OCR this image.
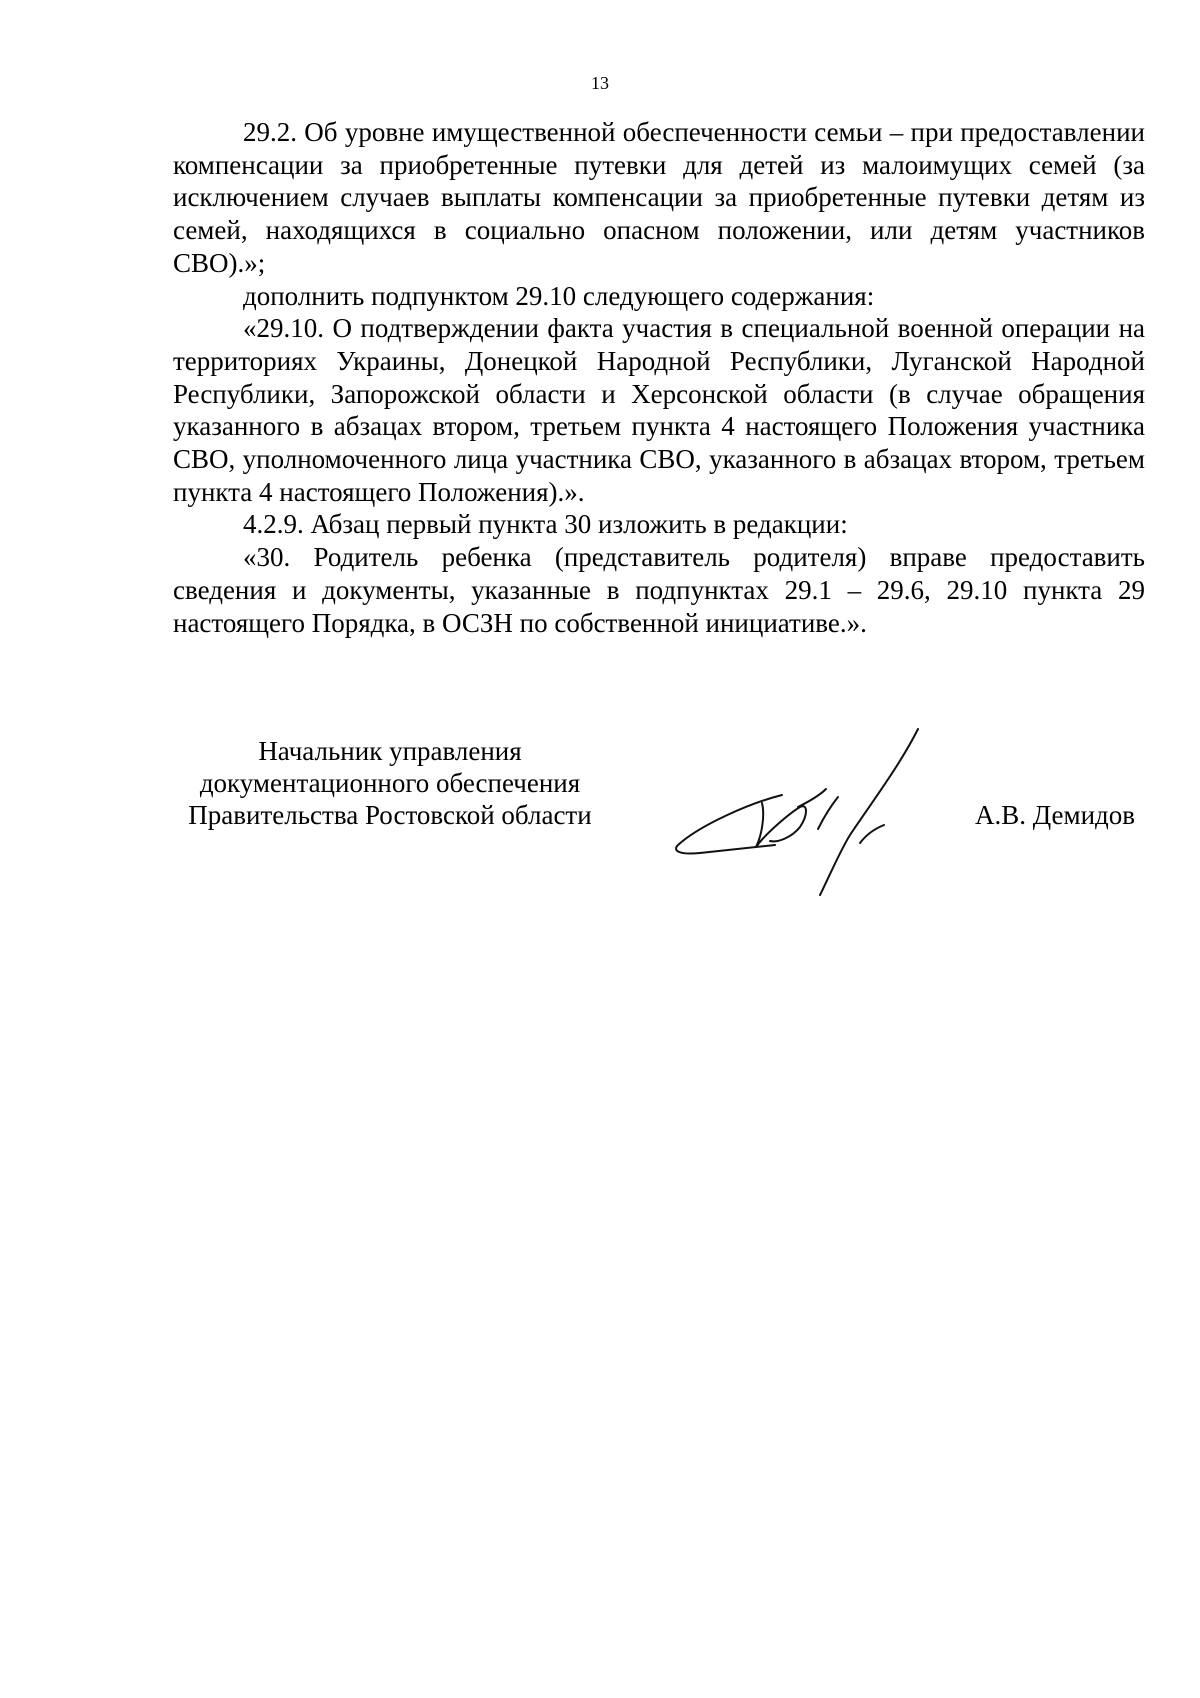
13

29.2. Об уровне имущественной обеспеченности семьи – при предоставлении компенсации за приобретенные путевки для детей из малоимущих семей (за исключением случаев выплаты компенсации за приобретенные путевки детям из семей, находящихся в социально опасном положении, или детям участников СВО).»;

дополнить подпунктом 29.10 следующего содержания:

«29.10. О подтверждении факта участия в специальной военной операции на территориях Украины, Донецкой Народной Республики, Луганской Народной Республики, Запорожской области и Херсонской области (в случае обращения указанного в абзацах втором, третьем пункта 4 настоящего Положения участника СВО, уполномоченного лица участника СВО, указанного в абзацах втором, третьем пункта 4 настоящего Положения).».

4.2.9. Абзац первый пункта 30 изложить в редакции:

«30. Родитель ребенка (представитель родителя) вправе предоставить сведения и документы, указанные в подпунктах 29.1 – 29.6, 29.10 пункта 29 настоящего Порядка, в ОСЗН по собственной инициативе.».

Начальник управления
документационного обеспечения
Правительства Ростовской области	А.В. Демидов
